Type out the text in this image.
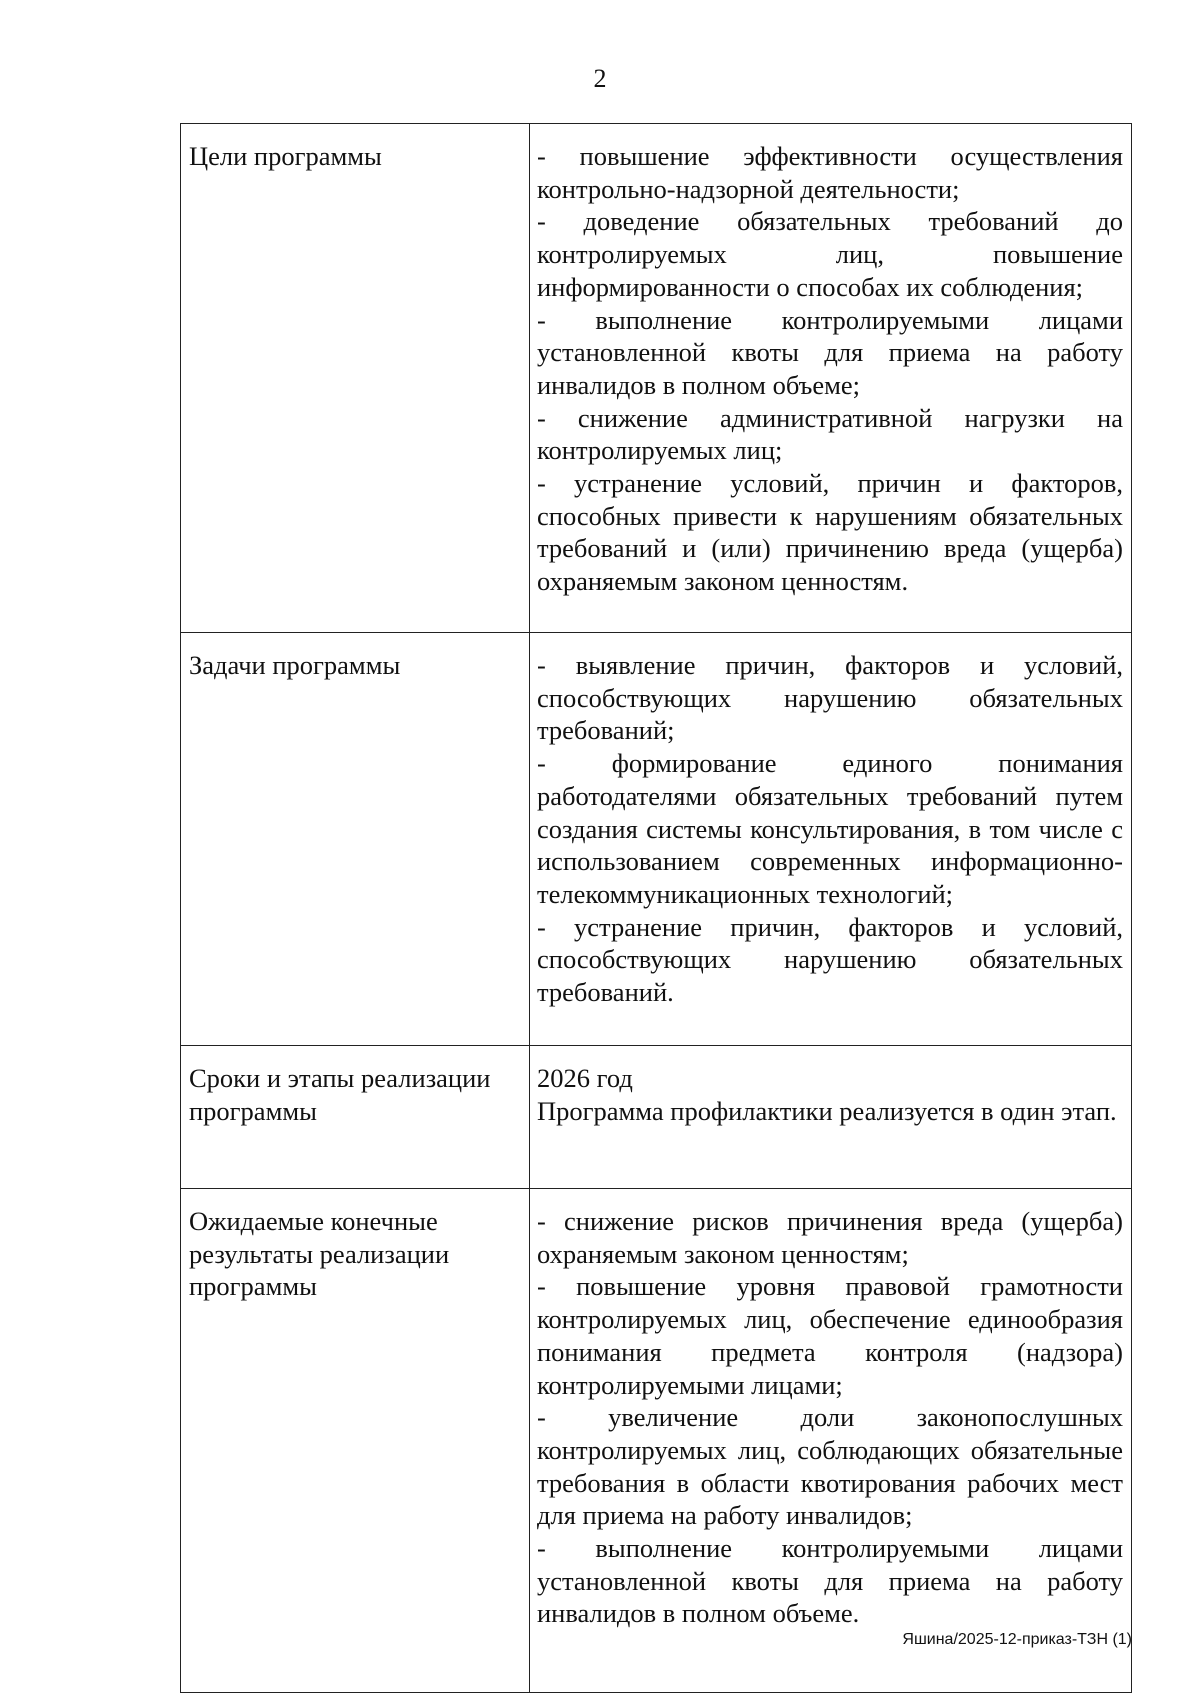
2
Цели программы	- повышение эффективности осуществления контрольно-надзорной деятельности;
- доведение обязательных требований до контролируемых лиц, повышение информированности о способах их соблюдения;
- выполнение контролируемыми лицами установленной квоты для приема на работу инвалидов в полном объеме;
- снижение административной нагрузки на контролируемых лиц;
- устранение условий, причин и факторов, способных привести к нарушениям обязательных требований и (или) причинению вреда (ущерба) охраняемым законом ценностям.

Задачи программы	- выявление причин, факторов и условий, способствующих нарушению обязательных требований;
- формирование единого понимания работодателями обязательных требований путем создания системы консультирования, в том числе с использованием современных информационно-телекоммуникационных технологий;
- устранение причин, факторов и условий, способствующих нарушению обязательных требований.

Сроки и этапы реализации программы	2026 год
Программа профилактики реализуется в один этап.

Ожидаемые конечные результаты реализации программы	- снижение рисков причинения вреда (ущерба) охраняемым законом ценностям;
- повышение уровня правовой грамотности контролируемых лиц, обеспечение единообразия понимания предмета контроля (надзора) контролируемыми лицами;
- увеличение доли законопослушных контролируемых лиц, соблюдающих обязательные требования в области квотирования рабочих мест для приема на работу инвалидов;
- выполнение контролируемыми лицами установленной квоты для приема на работу инвалидов в полном объеме.
Яшина/2025-12-приказ-ТЗН (1)
